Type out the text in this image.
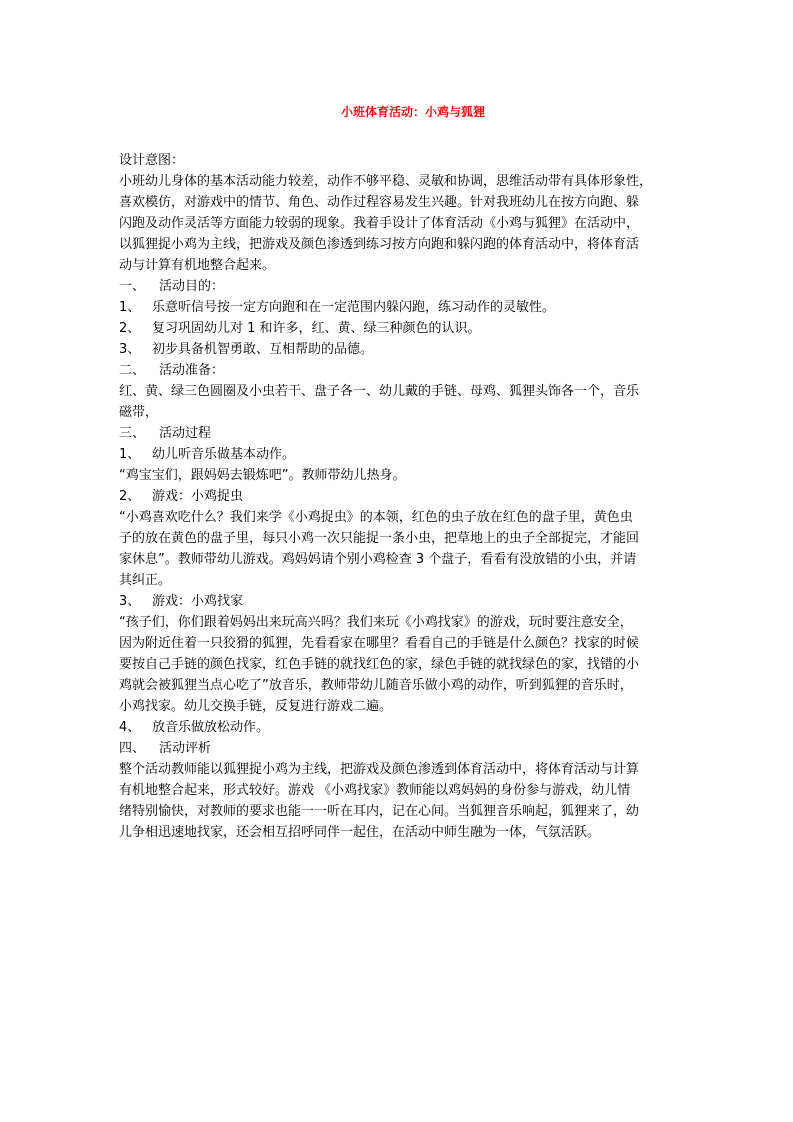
小班体育活动：小鸡与狐狸
设计意图：
小班幼儿身体的基本活动能力较差，动作不够平稳、灵敏和协调，思维活动带有具体形象性，
喜欢模仿，对游戏中的情节、角色、动作过程容易发生兴趣。针对我班幼儿在按方向跑、躲
闪跑及动作灵活等方面能力较弱的现象。我着手设计了体育活动《小鸡与狐狸》在活动中，
以狐狸捉小鸡为主线，把游戏及颜色渗透到练习按方向跑和躲闪跑的体育活动中，将体育活
动与计算有机地整合起来。
一、	活动目的：
1、 乐意听信号按一定方向跑和在一定范围内躲闪跑，练习动作的灵敏性。
2、 复习巩固幼儿对 1 和许多，红、黄、绿三种颜色的认识。
3、 初步具备机智勇敢、互相帮助的品德。
二、	活动准备：
红、黄、绿三色圆圈及小虫若干、盘子各一、幼儿戴的手链、母鸡、狐狸头饰各一个，音乐
磁带，
三、	活动过程
1、 幼儿听音乐做基本动作。
“鸡宝宝们，跟妈妈去锻炼吧”。教师带幼儿热身。
2、 游戏：小鸡捉虫
“小鸡喜欢吃什么？我们来学《小鸡捉虫》的本领，红色的虫子放在红色的盘子里，黄色虫
子的放在黄色的盘子里，每只小鸡一次只能捉一条小虫，把草地上的虫子全部捉完，才能回
家休息”。教师带幼儿游戏。鸡妈妈请个别小鸡检查 3 个盘子，看看有没放错的小虫，并请
其纠正。
3、 游戏：小鸡找家
“孩子们，你们跟着妈妈出来玩高兴吗？我们来玩《小鸡找家》的游戏，玩时要注意安全，
因为附近住着一只狡猾的狐狸，先看看家在哪里？看看自己的手链是什么颜色？找家的时候
要按自己手链的颜色找家，红色手链的就找红色的家，绿色手链的就找绿色的家，找错的小
鸡就会被狐狸当点心吃了”放音乐，教师带幼儿随音乐做小鸡的动作，听到狐狸的音乐时，
小鸡找家。幼儿交换手链，反复进行游戏二遍。
4、 放音乐做放松动作。
四、	活动评析
整个活动教师能以狐狸捉小鸡为主线，把游戏及颜色渗透到体育活动中，将体育活动与计算
有机地整合起来，形式较好。游戏 《小鸡找家》教师能以鸡妈妈的身份参与游戏，幼儿情
绪特别愉快，对教师的要求也能一一听在耳内，记在心间。当狐狸音乐响起，狐狸来了，幼
儿争相迅速地找家，还会相互招呼同伴一起住，在活动中师生融为一体，气氛活跃。
